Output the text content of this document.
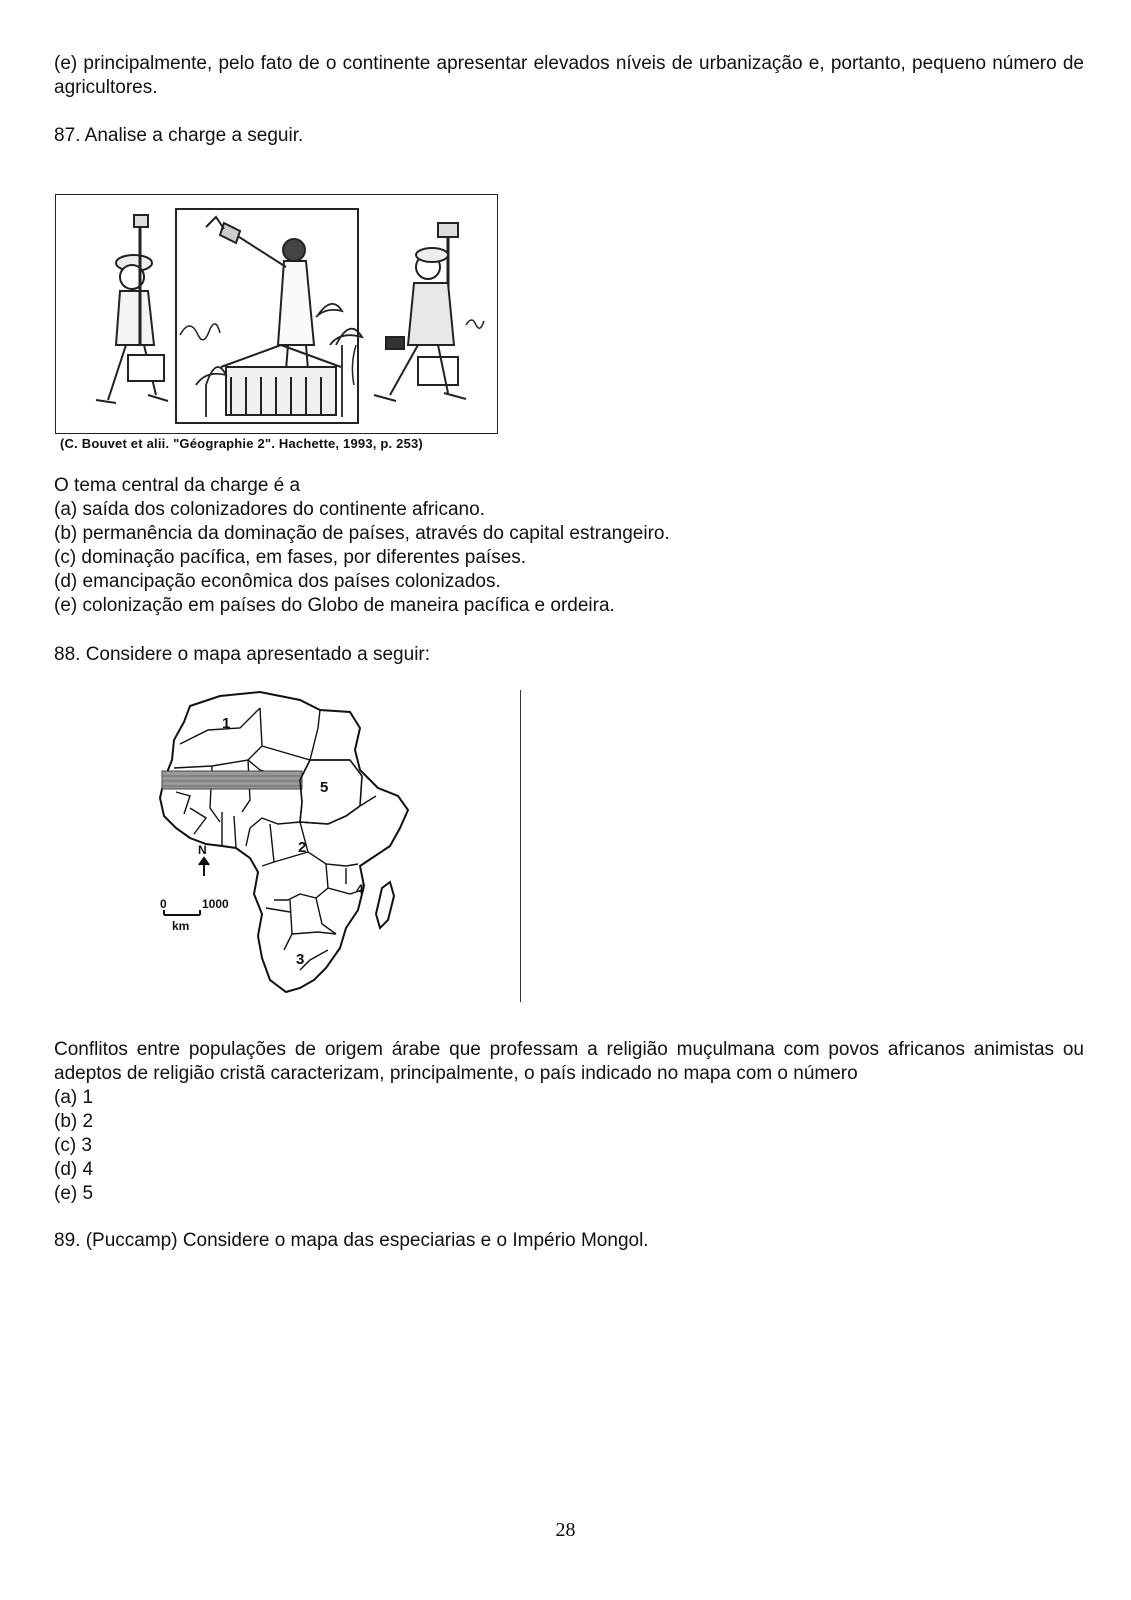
(e) principalmente, pelo fato de o continente apresentar elevados níveis de urbanização e, portanto, pequeno número de agricultores.

87. Analise a charge a seguir.

(C. Bouvet et alii. "Géographie 2". Hachette, 1993, p. 253)

O tema central da charge é a

(a) saída dos colonizadores do continente africano.

(b) permanência da dominação de países, através do capital estrangeiro.

(c) dominação pacífica, em fases, por diferentes países.

(d) emancipação econômica dos países colonizados.

(e) colonização em países do Globo de maneira pacífica e ordeira.

88. Considere o mapa apresentado a seguir:

N
0	1000
km
1
2
3
4
5

Conflitos entre populações de origem árabe que professam a religião muçulmana com povos africanos animistas ou adeptos de religião cristã caracterizam, principalmente, o país indicado no mapa com o número

(a) 1

(b) 2

(c) 3

(d) 4

(e) 5

89. (Puccamp) Considere o mapa das especiarias e o Império Mongol.

28
